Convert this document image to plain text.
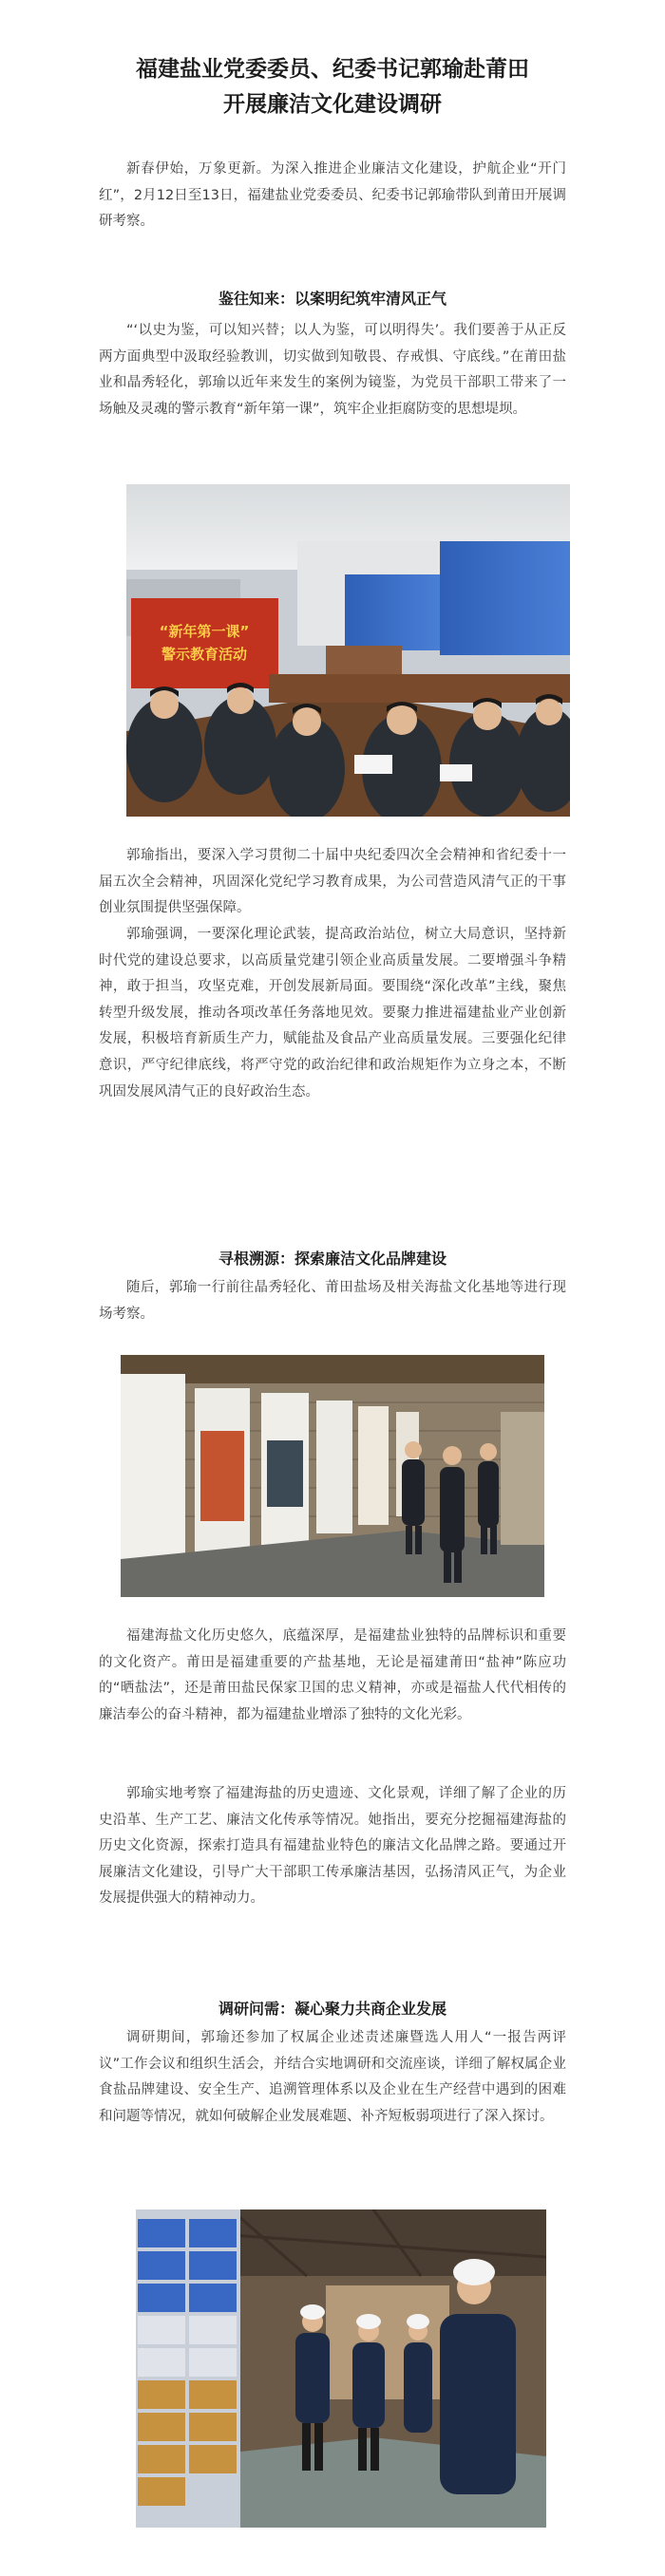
福建盐业党委委员、纪委书记郭瑜赴莆田
开展廉洁文化建设调研

新春伊始，万象更新。为深入推进企业廉洁文化建设，护航企业“开门红”，2月12日至13日，福建盐业党委委员、纪委书记郭瑜带队到莆田开展调研考察。

鉴往知来：以案明纪筑牢清风正气

“‘以史为鉴，可以知兴替；以人为鉴，可以明得失’。我们要善于从正反两方面典型中汲取经验教训，切实做到知敬畏、存戒惧、守底线。”在莆田盐业和晶秀轻化，郭瑜以近年来发生的案例为镜鉴，为党员干部职工带来了一场触及灵魂的警示教育“新年第一课”，筑牢企业拒腐防变的思想堤坝。

“新年第一课”
警示教育活动

郭瑜指出，要深入学习贯彻二十届中央纪委四次全会精神和省纪委十一届五次全会精神，巩固深化党纪学习教育成果，为公司营造风清气正的干事创业氛围提供坚强保障。

郭瑜强调，一要深化理论武装，提高政治站位，树立大局意识，坚持新时代党的建设总要求，以高质量党建引领企业高质量发展。二要增强斗争精神，敢于担当，攻坚克难，开创发展新局面。要围绕“深化改革”主线，聚焦转型升级发展，推动各项改革任务落地见效。要聚力推进福建盐业产业创新发展，积极培育新质生产力，赋能盐及食品产业高质量发展。三要强化纪律意识，严守纪律底线，将严守党的政治纪律和政治规矩作为立身之本，不断巩固发展风清气正的良好政治生态。

寻根溯源：探索廉洁文化品牌建设

随后，郭瑜一行前往晶秀轻化、莆田盐场及柑关海盐文化基地等进行现场考察。

福建海盐文化历史悠久，底蕴深厚，是福建盐业独特的品牌标识和重要的文化资产。莆田是福建重要的产盐基地，无论是福建莆田“盐神”陈应功的“晒盐法”，还是莆田盐民保家卫国的忠义精神，亦或是福盐人代代相传的廉洁奉公的奋斗精神，都为福建盐业增添了独特的文化光彩。

郭瑜实地考察了福建海盐的历史遗迹、文化景观，详细了解了企业的历史沿革、生产工艺、廉洁文化传承等情况。她指出，要充分挖掘福建海盐的历史文化资源，探索打造具有福建盐业特色的廉洁文化品牌之路。要通过开展廉洁文化建设，引导广大干部职工传承廉洁基因，弘扬清风正气，为企业发展提供强大的精神动力。

调研问需：凝心聚力共商企业发展

调研期间，郭瑜还参加了权属企业述责述廉暨选人用人“一报告两评议”工作会议和组织生活会，并结合实地调研和交流座谈，详细了解权属企业食盐品牌建设、安全生产、追溯管理体系以及企业在生产经营中遇到的困难和问题等情况，就如何破解企业发展难题、补齐短板弱项进行了深入探讨。
